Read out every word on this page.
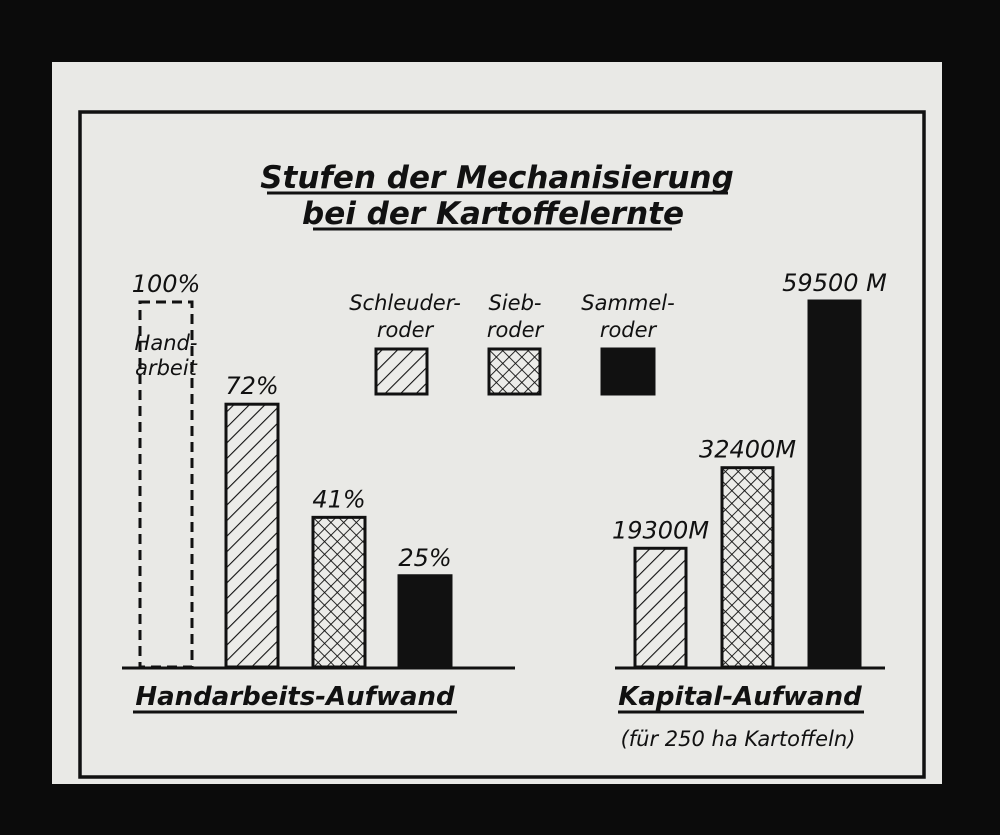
Stufen der Mechanisierung
bei der Kartoffelernte
Schleuder-
roder
Sieb-
roder
Sammel-
roder
100%
72%
41%
25%
19300M
32400M
59500 M
Hand-
arbeit
Handarbeits-Aufwand	Kapital-Aufwand
(für 250 ha Kartoffeln)
